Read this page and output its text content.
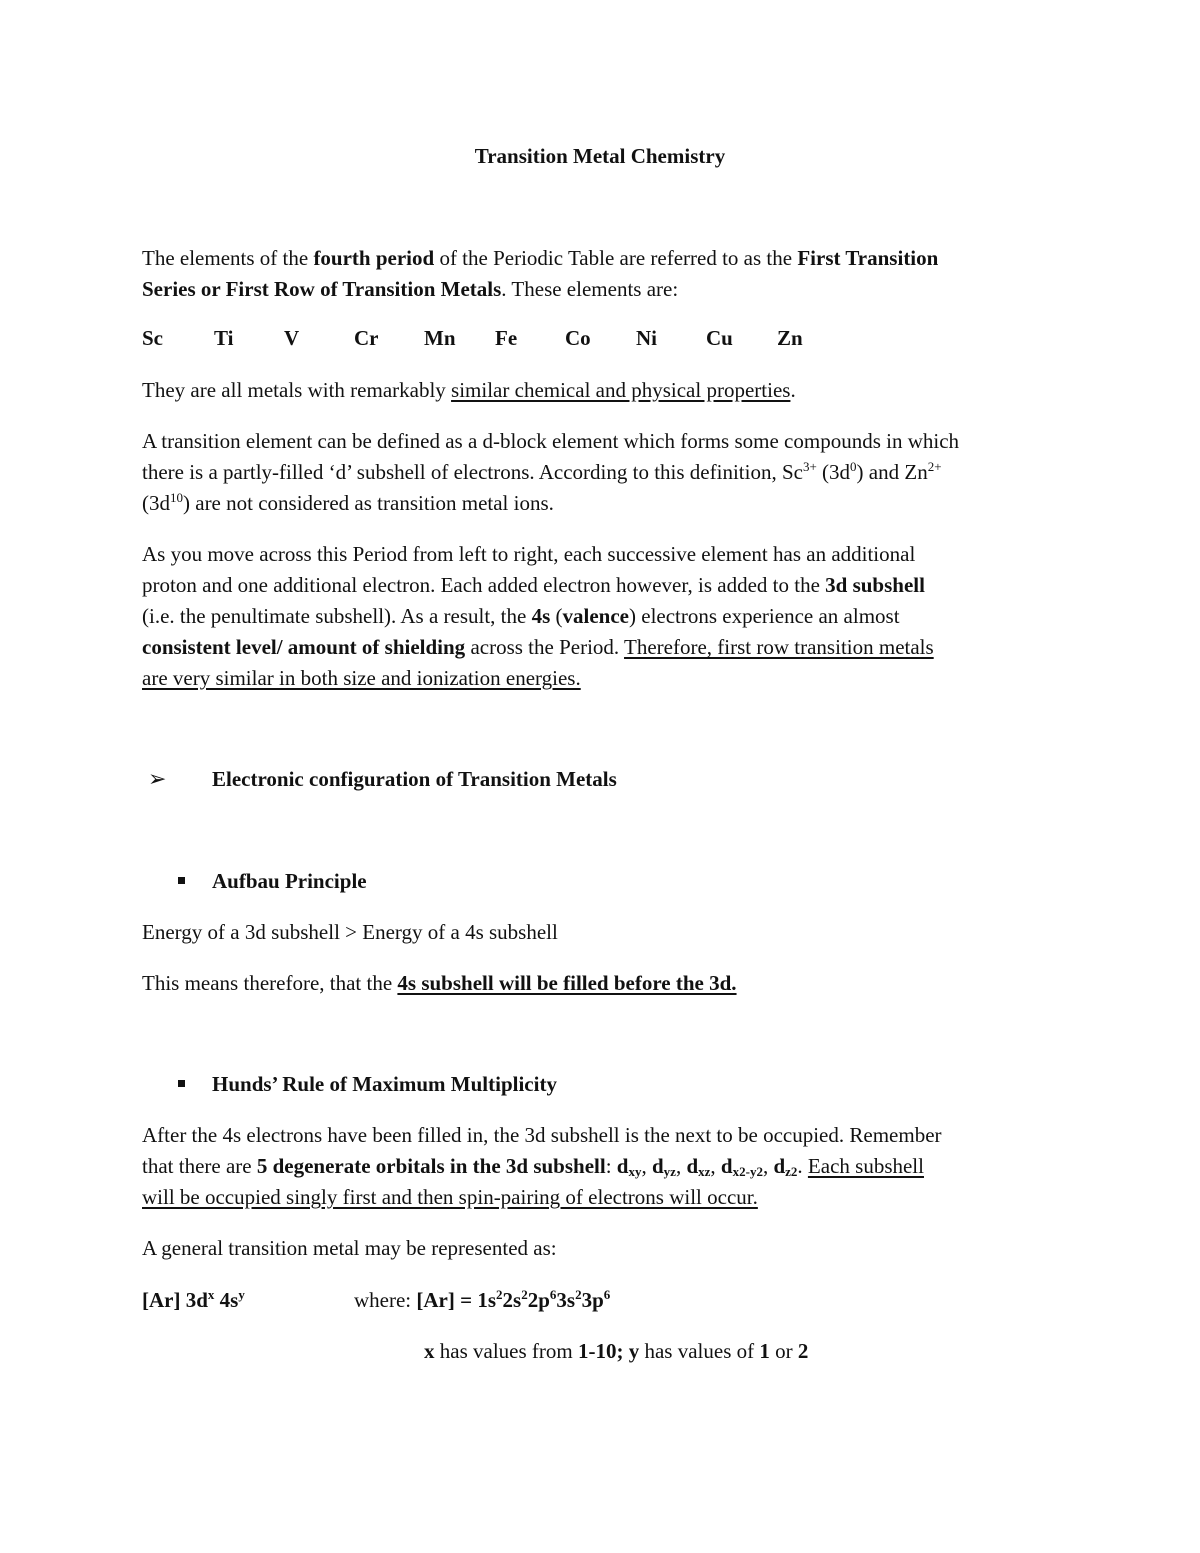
Transition Metal Chemistry
The elements of the fourth period of the Periodic Table are referred to as the First Transition
Series or First Row of Transition Metals. These elements are:
Sc Ti V	Cr Mn Fe Co Ni Cu Zn
They are all metals with remarkably similar chemical and physical properties.
A transition element can be defined as a d-block element which forms some compounds in which
there is a partly-filled ‘d’ subshell of electrons. According to this definition, $Sc^{3+}$ $(3d^0)$ and $Zn^{2+}$
$(3d^{10})$ are not considered as transition metal ions.
As you move across this Period from left to right, each successive element has an additional
proton and one additional electron. Each added electron however, is added to the 3d subshell
(i.e. the penultimate subshell). As a result, the 4s (valence) electrons experience an almost
consistent level/ amount of shielding across the Period. Therefore, first row transition metals
are very similar in both size and ionization energies.
➢ Electronic configuration of Transition Metals
Aufbau Principle
Energy of a 3d subshell > Energy of a 4s subshell
This means therefore, that the 4s subshell will be filled before the 3d.
Hunds’ Rule of Maximum Multiplicity
After the 4s electrons have been filled in, the 3d subshell is the next to be occupied. Remember
that there are 5 degenerate orbitals in the 3d subshell: $d_{xy}$, $d_{yz}$, $d_{xz}$, $d_{x2-y2}$, $d_{z2}$. Each subshell
will be occupied singly first and then spin-pairing of electrons will occur.
A general transition metal may be represented as:
[Ar] $3d^x$ $4s^y$	where: $[Ar] = 1s^22s^22p^63s^23p^6$
x has values from 1-10; y has values of 1 or 2
